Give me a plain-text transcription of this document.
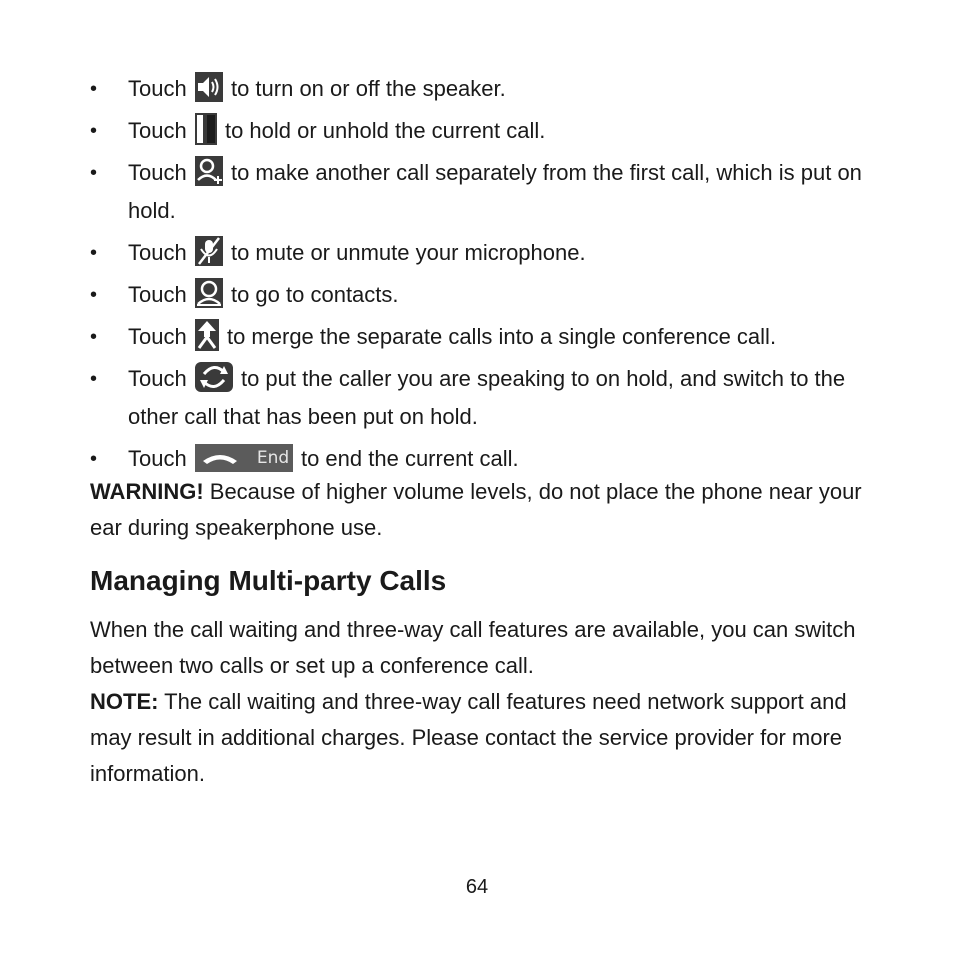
• Touch to turn on or off the speaker.
• Touch to hold or unhold the current call.
• Touch to make another call separately from the first call, which is put on hold.
• Touch to mute or unmute your microphone.
• Touch to go to contacts.
• Touch to merge the separate calls into a single conference call.
• Touch to put the caller you are speaking to on hold, and switch to the other call that has been put on hold.
• Touch	End to end the current call.

WARNING! Because of higher volume levels, do not place the phone near your ear during speakerphone use.

Managing Multi-party Calls

When the call waiting and three-way call features are available, you can switch between two calls or set up a conference call.

NOTE: The call waiting and three-way call features need network support and may result in additional charges. Please contact the service provider for more information.

64
